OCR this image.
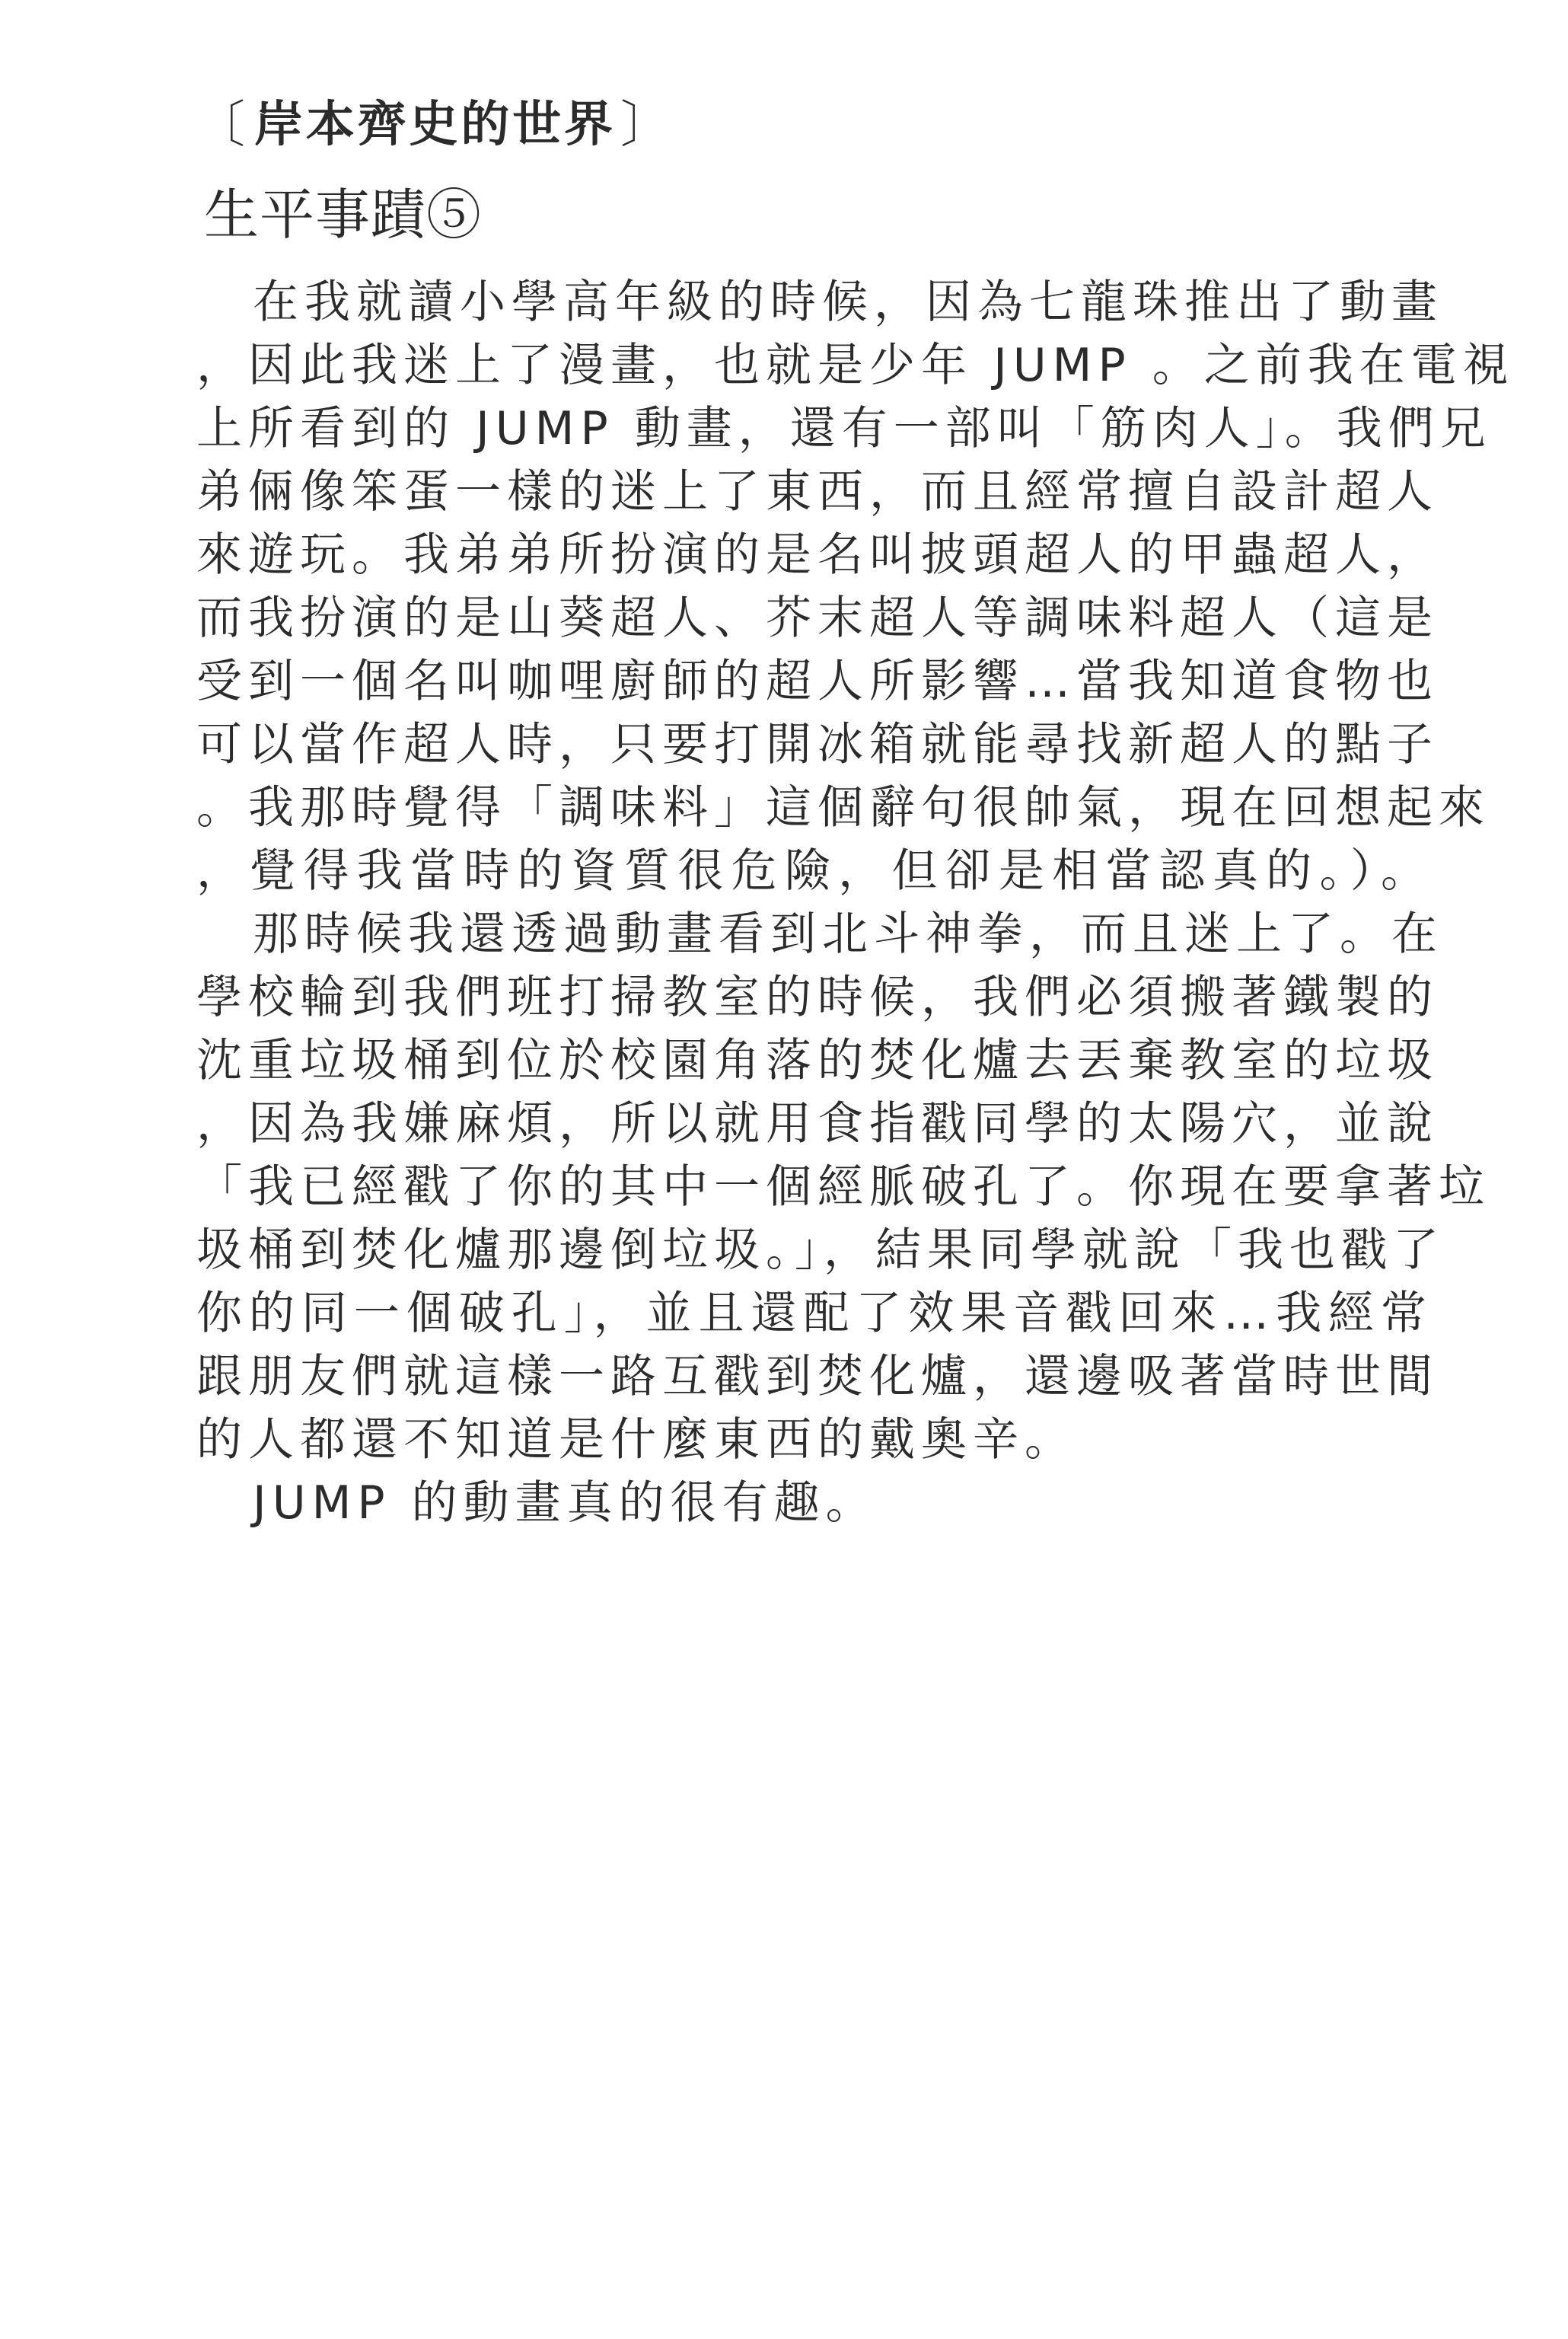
〔 岸 本 齊 史 的 世 界 〕
生平事蹟⑤
在我就讀小學高年級的時候，因為七龍珠推出了動畫
，因此我迷上了漫畫，也就是少年 JUMP 。之前我在電視
上所看到的 JUMP 動畫，還有一部叫「筋肉人」。我們兄
弟倆像笨蛋一樣的迷上了東西，而且經常擅自設計超人
來遊玩。我弟弟所扮演的是名叫披頭超人的甲蟲超人，
而我扮演的是山葵超人、芥末超人等調味料超人（這是
受到一個名叫咖哩廚師的超人所影響…當我知道食物也
可以當作超人時，只要打開冰箱就能尋找新超人的點子
。我那時覺得「調味料」這個辭句很帥氣，現在回想起來
，覺得我當時的資質很危險，但卻是相當認真的。）。
那時候我還透過動畫看到北斗神拳，而且迷上了。在
學校輪到我們班打掃教室的時候，我們必須搬著鐵製的
沈重垃圾桶到位於校園角落的焚化爐去丟棄教室的垃圾
，因為我嫌麻煩，所以就用食指戳同學的太陽穴，並說
「我已經戳了你的其中一個經脈破孔了。你現在要拿著垃
圾桶到焚化爐那邊倒垃圾。」，結果同學就說「我也戳了
你的同一個破孔」，並且還配了效果音戳回來…我經常
跟朋友們就這樣一路互戳到焚化爐，還邊吸著當時世間
的人都還不知道是什麼東西的戴奧辛。
JUMP 的動畫真的很有趣。
